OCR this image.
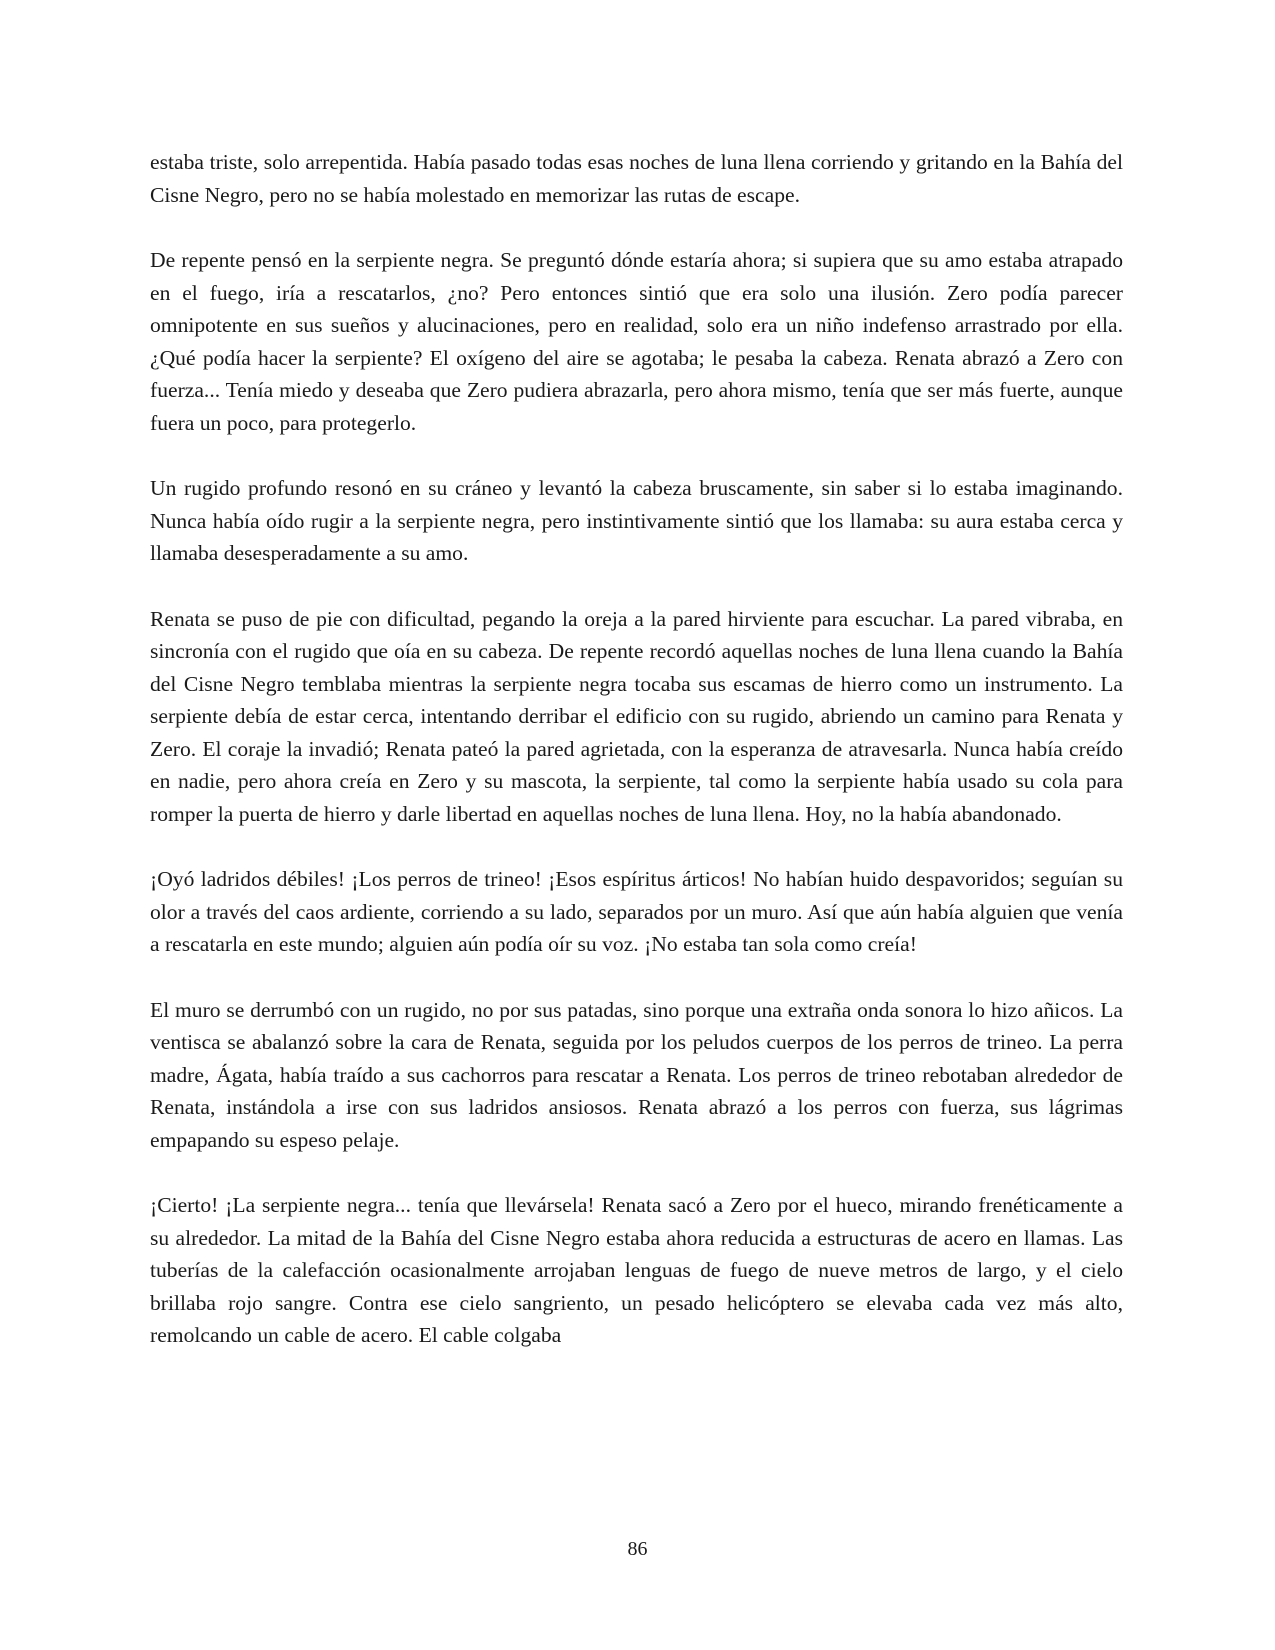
estaba triste, solo arrepentida. Había pasado todas esas noches de luna llena corriendo y gritando en la Bahía del Cisne Negro, pero no se había molestado en memorizar las rutas de escape.

De repente pensó en la serpiente negra. Se preguntó dónde estaría ahora; si supiera que su amo estaba atrapado en el fuego, iría a rescatarlos, ¿no? Pero entonces sintió que era solo una ilusión. Zero podía parecer omnipotente en sus sueños y alucinaciones, pero en realidad, solo era un niño indefenso arrastrado por ella. ¿Qué podía hacer la serpiente? El oxígeno del aire se agotaba; le pesaba la cabeza. Renata abrazó a Zero con fuerza... Tenía miedo y deseaba que Zero pudiera abrazarla, pero ahora mismo, tenía que ser más fuerte, aunque fuera un poco, para protegerlo.

Un rugido profundo resonó en su cráneo y levantó la cabeza bruscamente, sin saber si lo estaba imaginando. Nunca había oído rugir a la serpiente negra, pero instintivamente sintió que los llamaba: su aura estaba cerca y llamaba desesperadamente a su amo.

Renata se puso de pie con dificultad, pegando la oreja a la pared hirviente para escuchar. La pared vibraba, en sincronía con el rugido que oía en su cabeza. De repente recordó aquellas noches de luna llena cuando la Bahía del Cisne Negro temblaba mientras la serpiente negra tocaba sus escamas de hierro como un instrumento. La serpiente debía de estar cerca, intentando derribar el edificio con su rugido, abriendo un camino para Renata y Zero. El coraje la invadió; Renata pateó la pared agrietada, con la esperanza de atravesarla. Nunca había creído en nadie, pero ahora creía en Zero y su mascota, la serpiente, tal como la serpiente había usado su cola para romper la puerta de hierro y darle libertad en aquellas noches de luna llena. Hoy, no la había abandonado.

¡Oyó ladridos débiles! ¡Los perros de trineo! ¡Esos espíritus árticos! No habían huido despavoridos; seguían su olor a través del caos ardiente, corriendo a su lado, separados por un muro. Así que aún había alguien que venía a rescatarla en este mundo; alguien aún podía oír su voz. ¡No estaba tan sola como creía!

El muro se derrumbó con un rugido, no por sus patadas, sino porque una extraña onda sonora lo hizo añicos. La ventisca se abalanzó sobre la cara de Renata, seguida por los peludos cuerpos de los perros de trineo. La perra madre, Ágata, había traído a sus cachorros para rescatar a Renata. Los perros de trineo rebotaban alrededor de Renata, instándola a irse con sus ladridos ansiosos. Renata abrazó a los perros con fuerza, sus lágrimas empapando su espeso pelaje.

¡Cierto! ¡La serpiente negra... tenía que llevársela! Renata sacó a Zero por el hueco, mirando frenéticamente a su alrededor. La mitad de la Bahía del Cisne Negro estaba ahora reducida a estructuras de acero en llamas. Las tuberías de la calefacción ocasionalmente arrojaban lenguas de fuego de nueve metros de largo, y el cielo brillaba rojo sangre. Contra ese cielo sangriento, un pesado helicóptero se elevaba cada vez más alto, remolcando un cable de acero. El cable colgaba

86
